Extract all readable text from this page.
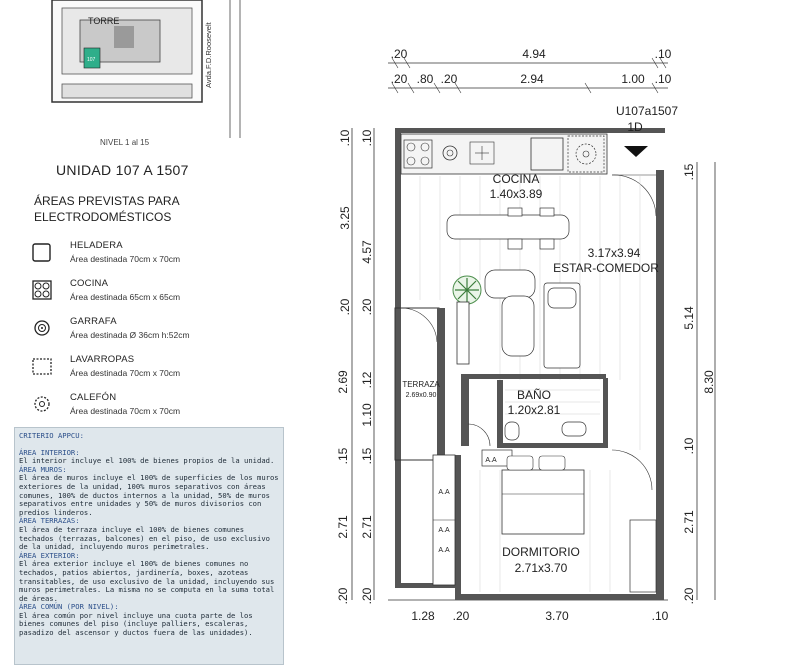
TORRE
107	Avda.F.D.Roosevelt
NIVEL 1 al 15
UNIDAD 107 A 1507
ÁREAS PREVISTAS PARA ELECTRODOMÉSTICOS
HELADERA
Área destinada 70cm x 70cm
COCINA
Área destinada 65cm x 65cm
GARRAFA
Área destinada Ø 36cm h:52cm
LAVARROPAS
Área destinada 70cm x 70cm
CALEFÓN
Área destinada 70cm x 70cm
CRITERIO APPCU:
ÁREA INTERIOR:
El interior incluye el 100% de bienes propios de la unidad.
ÁREA MUROS:
El área de muros incluye el 100% de superficies de los muros exteriores de la unidad, 100% muros separativos con áreas comunes, 100% de ductos internos a la unidad, 50% de muros separativos entre unidades y 50% de muros divisorios con predios linderos.
ÁREA TERRAZAS:
El área de terraza incluye el 100% de bienes comunes techados (terrazas, balcones) en el piso, de uso exclusivo de la unidad, incluyendo muros perimetrales.
ÁREA EXTERIOR:
El área exterior incluye el 100% de bienes comunes no techados, patios abiertos, jardinería, boxes, azoteas transitables, de uso exclusivo de la unidad, incluyendo sus muros perimetrales. La misma no se computa en la suma total de áreas.
ÁREA COMÚN (POR NIVEL):
El área común por nivel incluye una cuota parte de los bienes comunes del piso (incluye palliers, escaleras, pasadizo del ascensor y ductos fuera de las unidades).
U107a1507
1D
COCINA
1.40x3.89
3.17x3.94
ESTAR-COMEDOR
TERRAZA
2.69x0.90	BAÑO
1.20x2.81
DORMITORIO
2.71x3.70
A.A
A.A
A.A
A.A
.20	4.94	.10
.20 .80 .20	2.94	1.00 .10
1.28 .20	3.70	.10
.10
4.57
.20
2.69
.15
2.71
.20
.10
3.25
.20
.12
1.10
.15
2.71
.20
.15
5.14
.10
2.71
.20
8.30
